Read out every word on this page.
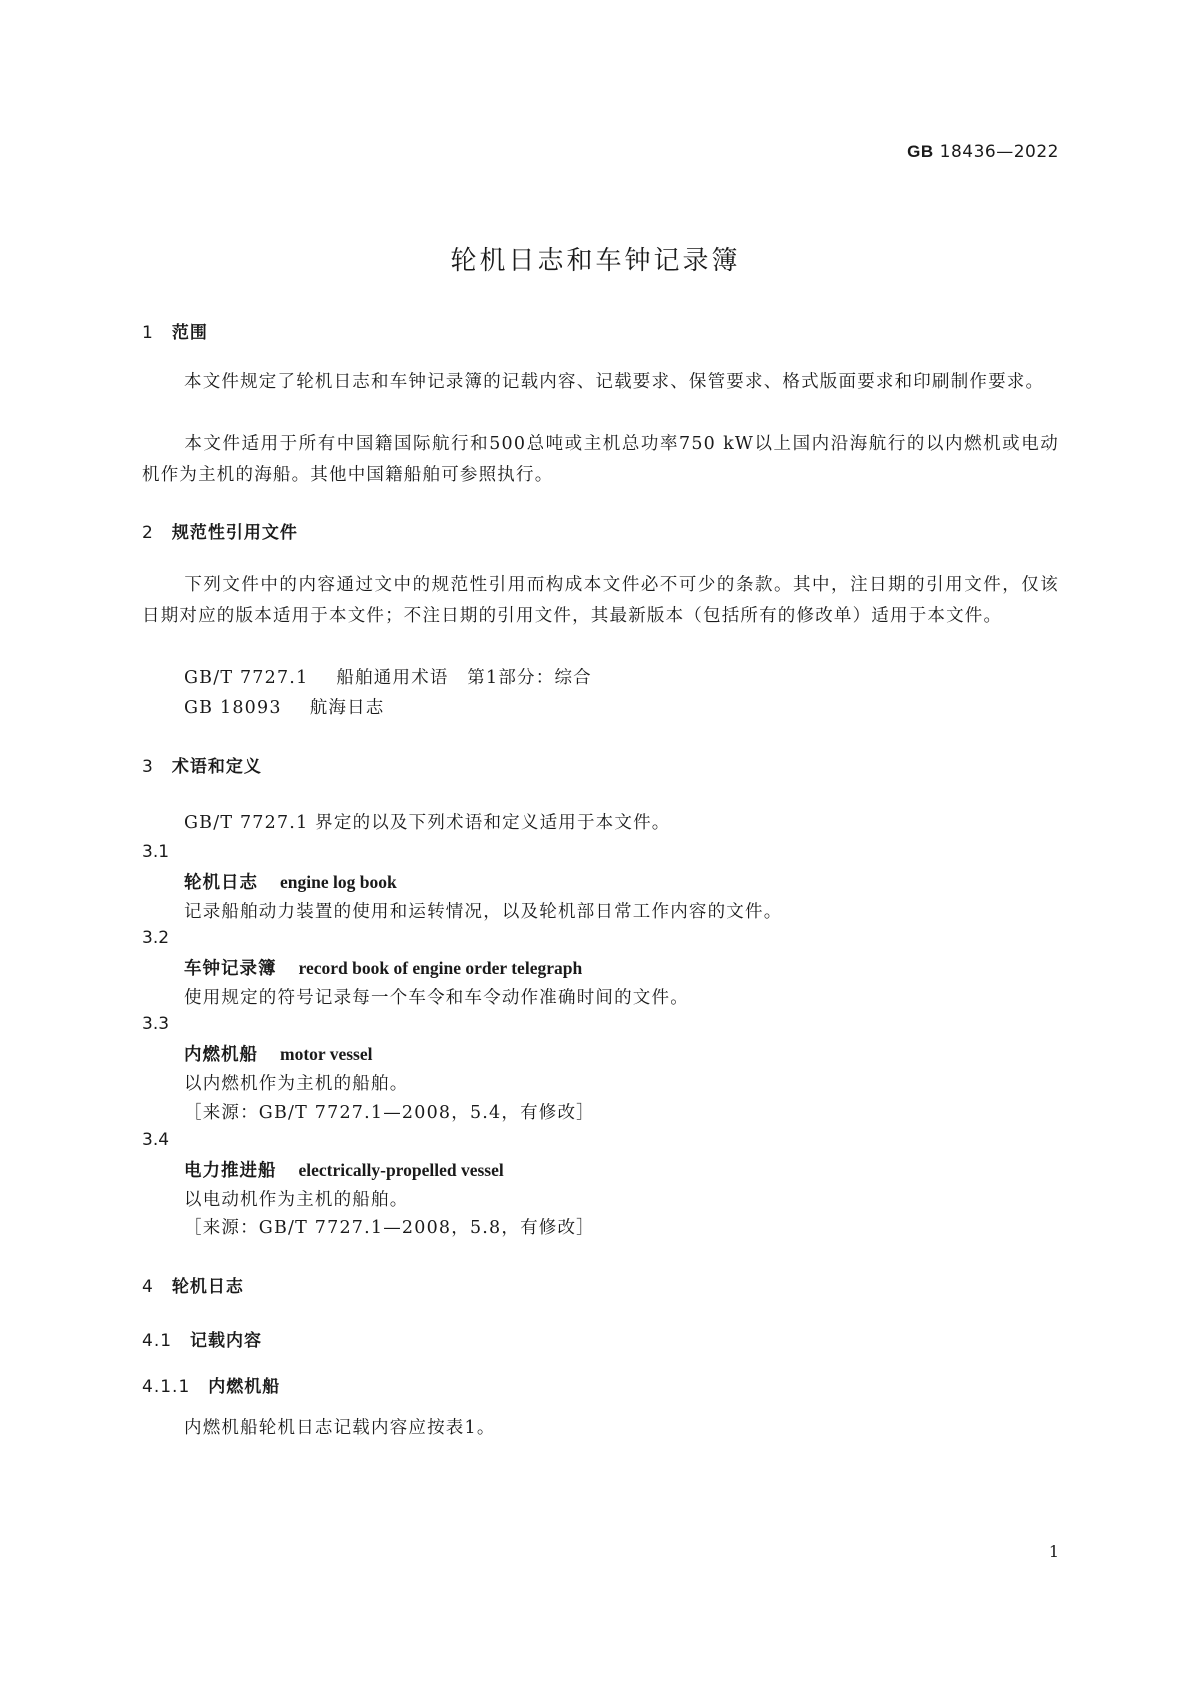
GB 18436—2022
轮机日志和车钟记录簿
1 范围
本文件规定了轮机日志和车钟记录簿的记载内容、记载要求、保管要求、格式版面要求和印刷制作要求。
本文件适用于所有中国籍国际航行和500总吨或主机总功率750 kW以上国内沿海航行的以内燃机或电动机作为主机的海船。其他中国籍船舶可参照执行。
2 规范性引用文件
下列文件中的内容通过文中的规范性引用而构成本文件必不可少的条款。其中，注日期的引用文件，仅该日期对应的版本适用于本文件；不注日期的引用文件，其最新版本（包括所有的修改单）适用于本文件。
GB/T 7727.1 船舶通用术语　第1部分：综合
GB 18093 航海日志
3 术语和定义
GB/T 7727.1 界定的以及下列术语和定义适用于本文件。
3.1
轮机日志 engine log book
记录船舶动力装置的使用和运转情况，以及轮机部日常工作内容的文件。
3.2
车钟记录簿 record book of engine order telegraph
使用规定的符号记录每一个车令和车令动作准确时间的文件。
3.3
内燃机船 motor vessel
以内燃机作为主机的船舶。
［来源：GB/T 7727.1—2008，5.4，有修改］
3.4
电力推进船 electrically-propelled vessel
以电动机作为主机的船舶。
［来源：GB/T 7727.1—2008，5.8，有修改］
4 轮机日志
4.1 记载内容
4.1.1 内燃机船
内燃机船轮机日志记载内容应按表1。
1
